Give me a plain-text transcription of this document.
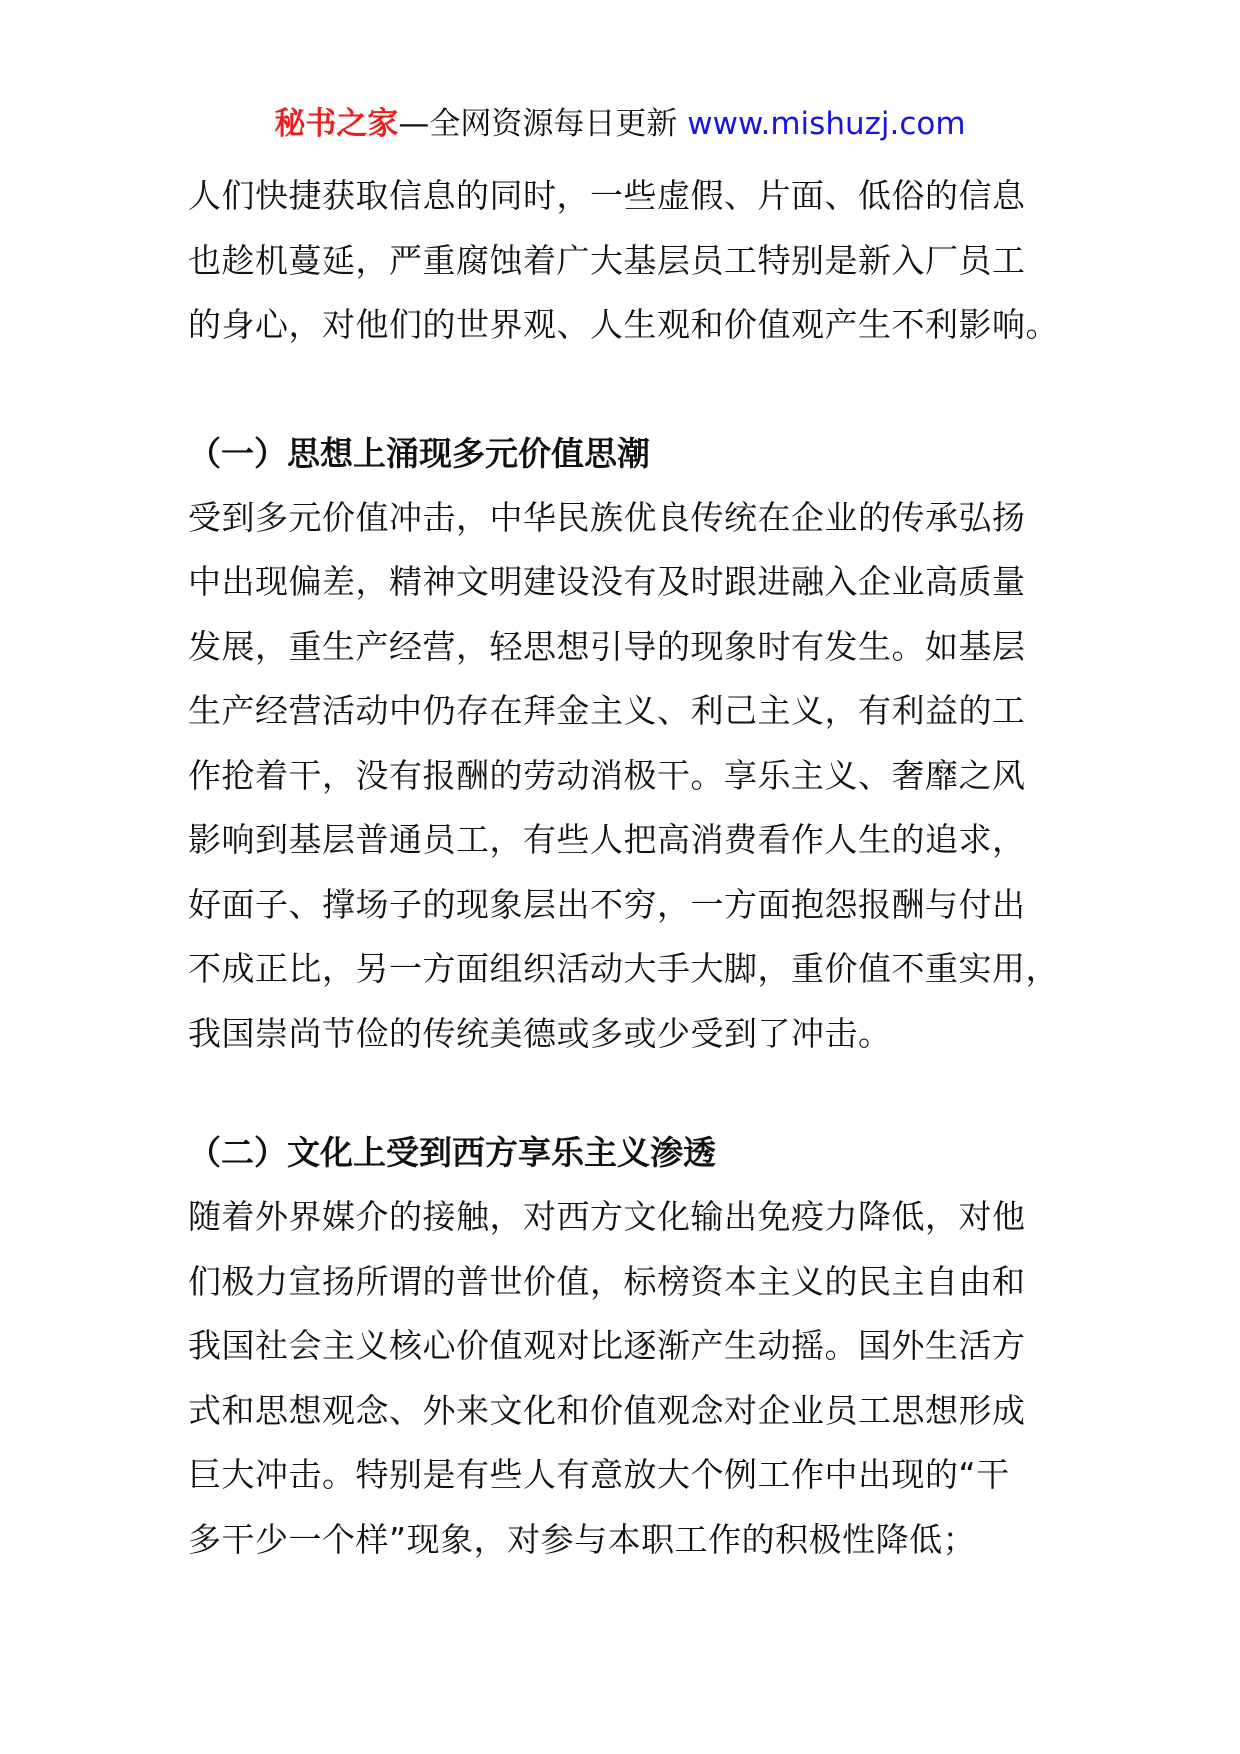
秘书之家—全网资源每日更新 www.mishuzj.com
人们快捷获取信息的同时，一些虚假、片面、低俗的信息
也趁机蔓延，严重腐蚀着广大基层员工特别是新入厂员工
的身心，对他们的世界观、人生观和价值观产生不利影响。
（一）思想上涌现多元价值思潮
受到多元价值冲击，中华民族优良传统在企业的传承弘扬
中出现偏差，精神文明建设没有及时跟进融入企业高质量
发展，重生产经营，轻思想引导的现象时有发生。如基层
生产经营活动中仍存在拜金主义、利己主义，有利益的工
作抢着干，没有报酬的劳动消极干。享乐主义、奢靡之风
影响到基层普通员工，有些人把高消费看作人生的追求，
好面子、撑场子的现象层出不穷，一方面抱怨报酬与付出
不成正比，另一方面组织活动大手大脚，重价值不重实用，
我国崇尚节俭的传统美德或多或少受到了冲击。
（二）文化上受到西方享乐主义渗透
随着外界媒介的接触，对西方文化输出免疫力降低，对他
们极力宣扬所谓的普世价值，标榜资本主义的民主自由和
我国社会主义核心价值观对比逐渐产生动摇。国外生活方
式和思想观念、外来文化和价值观念对企业员工思想形成
巨大冲击。特别是有些人有意放大个例工作中出现的“干
多干少一个样”现象，对参与本职工作的积极性降低；
